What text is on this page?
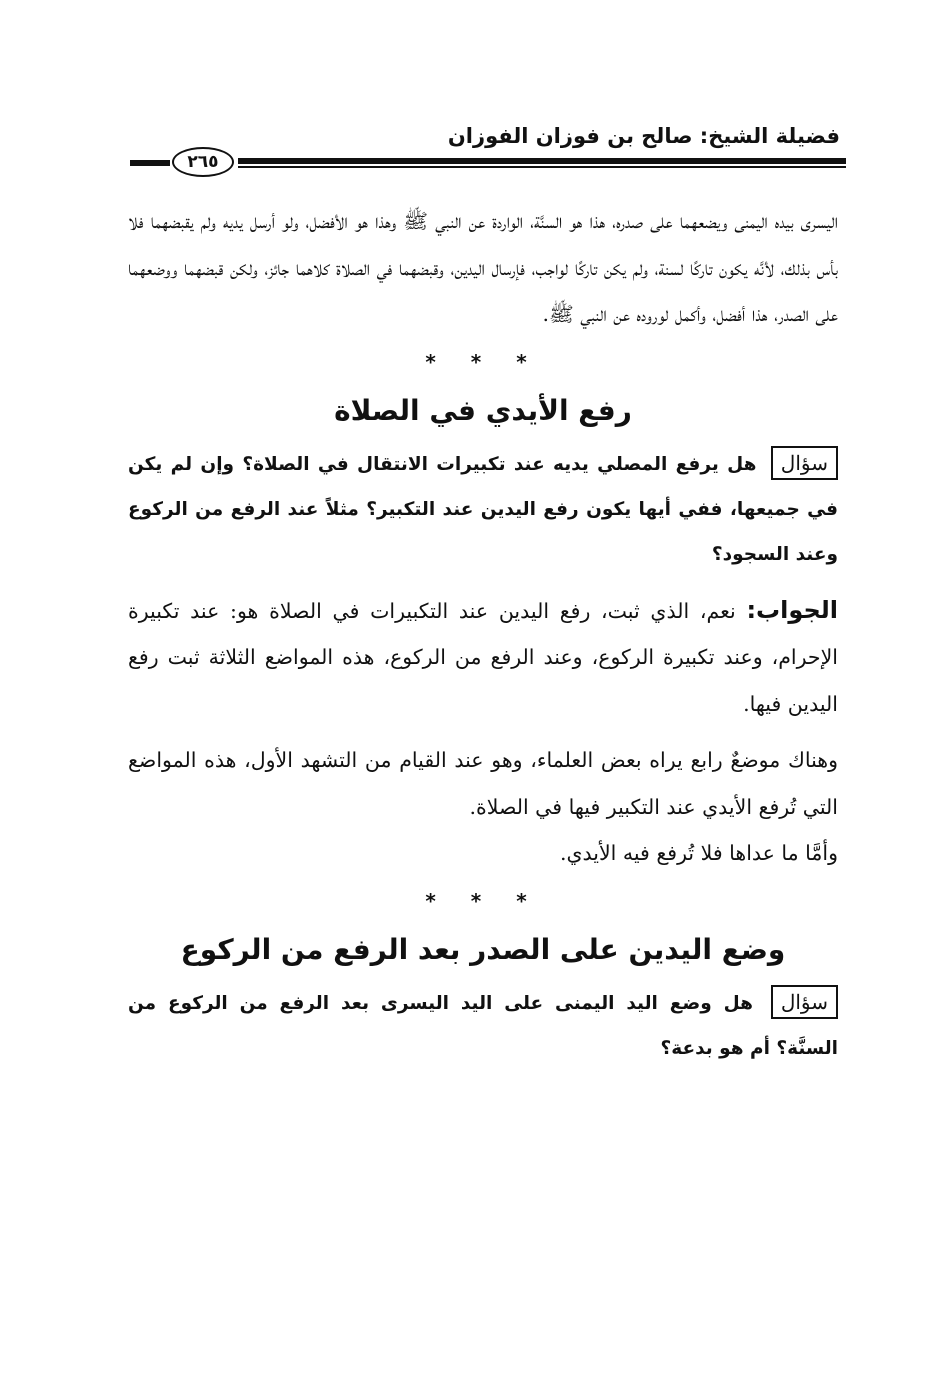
فضيلة الشيخ: صالح بن فوزان الفوزان
٢٦٥

اليسرى بيده اليمنى ويضعهما على صدره، هذا هو السنَّة، الواردة عن النبي ﷺ وهذا هو الأفضل، ولو أرسل يديه ولم يقبضهما فلا بأس بذلك، لأنَّه يكون تاركًا لسنة، ولم يكن تاركًا لواجب، فإرسال اليدين، وقبضهما في الصلاة كلاهما جائز، ولكن قبضهما ووضعهما على الصدر، هذا أفضل، وأكمل لوروده عن النبي ﷺ.

* * *
رفع الأيدي في الصلاة

سؤال هل يرفع المصلي يديه عند تكبيرات الانتقال في الصلاة؟ وإن لم يكن في جميعها، ففي أيها يكون رفع اليدين عند التكبير؟ مثلاً عند الرفع من الركوع وعند السجود؟

الجواب: نعم، الذي ثبت، رفع اليدين عند التكبيرات في الصلاة هو: عند تكبيرة الإحرام، وعند تكبيرة الركوع، وعند الرفع من الركوع، هذه المواضع الثلاثة ثبت رفع اليدين فيها.

وهناك موضعٌ رابع يراه بعض العلماء، وهو عند القيام من التشهد الأول، هذه المواضع التي تُرفع الأيدي عند التكبير فيها في الصلاة.

وأمَّا ما عداها فلا تُرفع فيه الأيدي.

* * *
وضع اليدين على الصدر بعد الرفع من الركوع

سؤال هل وضع اليد اليمنى على اليد اليسرى بعد الرفع من الركوع من السنَّة؟ أم هو بدعة؟
